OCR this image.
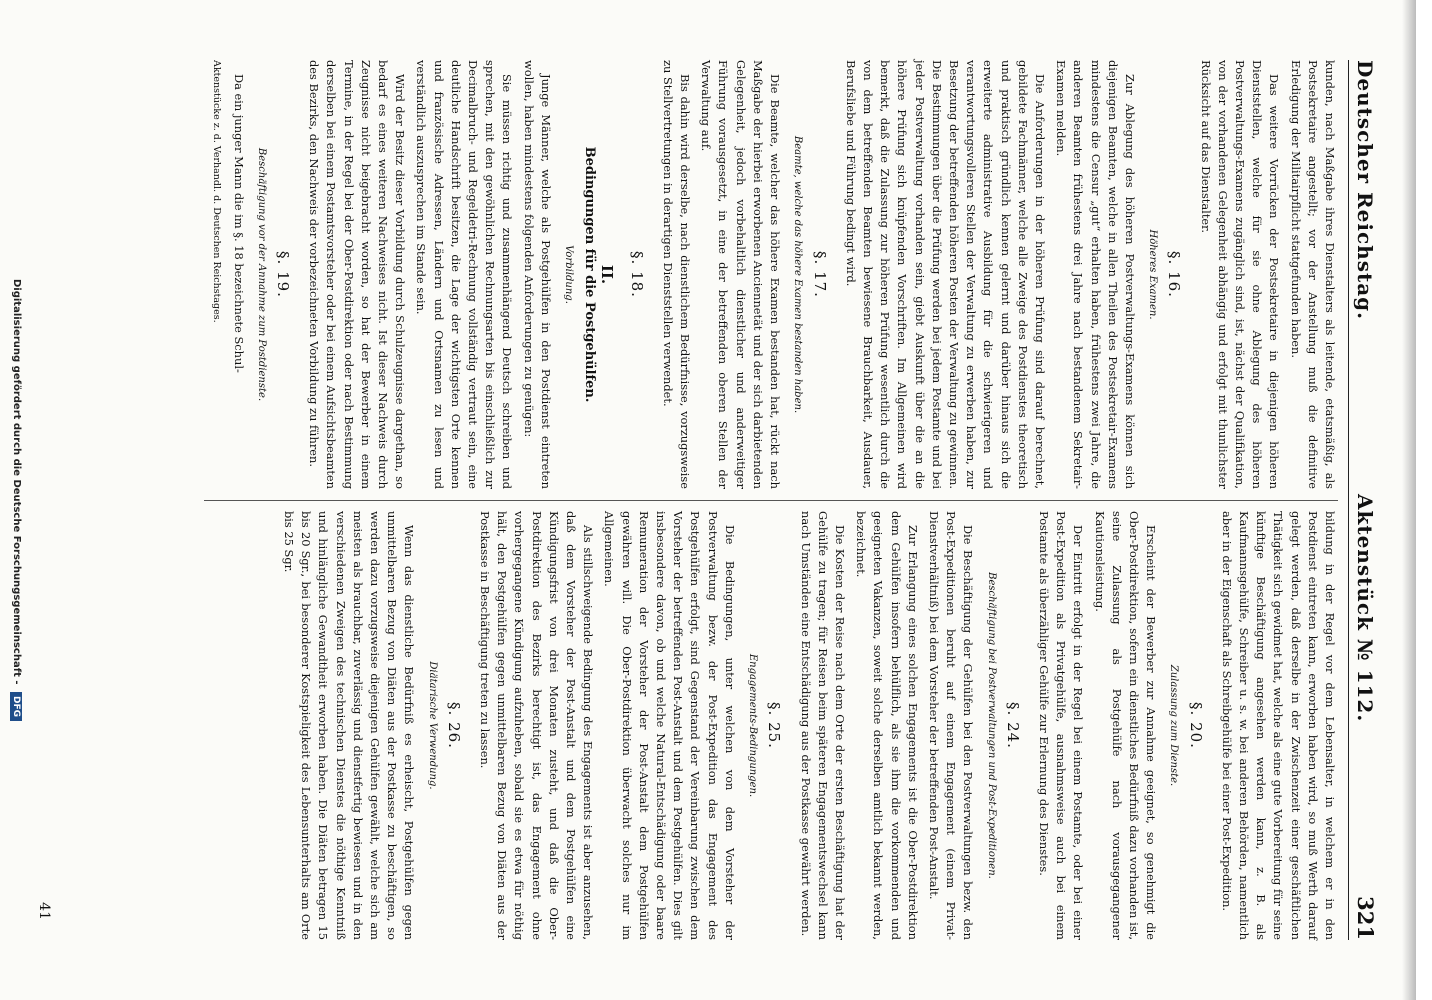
Deutscher Reichstag.
Aktenstück № 112.
321

kunden, nach Maßgabe ihres Dienstalters als leitende, etatsmäßig, als Postsekretaire angestellt; vor der Anstellung muß die definitive Erledigung der Militairpflicht stattgefunden haben.

Das weitere Vorrücken der Postsekretaire in diejenigen höheren Dienststellen, welche für sie ohne Ablegung des höheren Postverwaltungs-Examens zugänglich sind, ist, nächst der Qualifikation, von der vorhandenen Gelegenheit abhängig und erfolgt mit thunlichster Rücksicht auf das Dienstalter.

§. 16.
Höheres Examen.

Zur Ablegung des höheren Postverwaltungs-Examens können sich diejenigen Beamten, welche in allen Theilen des Postsekretair-Examens mindestens die Censur „gut“ erhalten haben, frühestens zwei Jahre, die anderen Beamten frühestens drei Jahre nach bestandenem Sekretair-Examen melden.

Die Anforderungen in der höheren Prüfung sind darauf berechnet, gebildete Fachmänner, welche alle Zweige des Postdienstes theoretisch und praktisch gründlich kennen gelernt und darüber hinaus sich die erweiterte administrative Ausbildung für die schwierigeren und verantwortungsvolleren Stellen der Verwaltung zu erwerben haben, zur Besetzung der betreffenden höheren Posten der Verwaltung zu gewinnen. Die Bestimmungen über die Prüfung werden bei jedem Postamte und bei jeder Postverwaltung vorhanden sein, giebt Auskunft über die an die höhere Prüfung sich knüpfenden Vorschriften. Im Allgemeinen wird bemerkt, daß die Zulassung zur höheren Prüfung wesentlich durch die von dem betreffenden Beamten bewiesene Brauchbarkeit, Ausdauer, Berufsliebe und Führung bedingt wird.

§. 17.
Beamte, welche das höhere Examen bestanden haben.

Die Beamte, welcher das höhere Examen bestanden hat, rückt nach Maßgabe der hierbei erworbenen Anciennetät und der sich darbietenden Gelegenheit, jedoch vorbehaltlich dienstlicher und anderweitiger Führung vorausgesetzt, in eine der betreffenden oberen Stellen der Verwaltung auf.

Bis dahin wird derselbe, nach dienstlichem Bedürfnisse, vorzugsweise zu Stellvertretungen in derartigen Dienststellen verwendet.

§. 18.
II.
Bedingungen für die Postgehülfen.
Vorbildung.

Junge Männer, welche als Postgehülfen in den Postdienst eintreten wollen, haben mindestens folgenden Anforderungen zu genügen:

Sie müssen richtig und zusammenhängend Deutsch schreiben und sprechen, mit den gewöhnlichen Rechnungsarten bis einschließlich zur Decimalbruch- und Regeldetri-Rechnung vollständig vertraut sein, eine deutliche Handschrift besitzen, die Lage der wichtigsten Orte kennen und französische Adressen, Ländern und Ortsnamen zu lesen und verständlich auszusprechen im Stande sein.

Wird der Besitz dieser Vorbildung durch Schulzeugnisse dargethan, so bedarf es eines weiteren Nachweises nicht. Ist dieser Nachweis durch Zeugnisse nicht beigebracht worden, so hat der Bewerber in einem Termine, in der Regel bei der Ober-Postdirektion oder nach Bestimmung derselben bei einem Postamtsvorsteher oder bei einem Aufsichtsbeamten des Bezirks, den Nachweis der vorbezeichneten Vorbildung zu führen.

§. 19.
Beschäftigung vor der Annahme zum Postdienste.

Da ein junger Mann die im §. 18 bezeichnete Schul-

Aktenstücke z. d. Verhandl. d. Deutschen Reichstages.

bildung in der Regel vor dem Lebensalter, in welchem er in den Postdienst eintreten kann, erworben haben wird, so muß Werth darauf gelegt werden, daß derselbe in der Zwischenzeit einer geschäftlichen Thätigkeit sich gewidmet hat, welche als eine gute Vorbereitung für seine künftige Beschäftigung angesehen werden kann, z. B. als Kaufmannsgehülfe, Schreiber u. s. w. bei anderen Behörden, namentlich aber in der Eigenschaft als Schreibgehülfe bei einer Post-Expedition.

§. 20.
Zulassung zum Dienste.

Erscheint der Bewerber zur Annahme geeignet, so genehmigt die Ober-Postdirektion, sofern ein dienstliches Bedürfniß dazu vorhanden ist, seine Zulassung als Postgehülfe nach vorausgegangener Kautionsleistung.

Der Eintritt erfolgt in der Regel bei einem Postamte, oder bei einer Post-Expedition als Privatgehülfe, ausnahmsweise auch bei einem Postamte als überzähliger Gehülfe zur Erlernung des Dienstes.

§. 24.
Beschäftigung bei Postverwaltungen und Post-Expeditionen.

Die Beschäftigung der Gehülfen bei den Postverwaltungen bezw. den Post-Expeditionen beruht auf einem Engagement (einem Privat-Dienstverhältniß) bei dem Vorsteher der betreffenden Post-Anstalt.

Zur Erlangung eines solchen Engagements ist die Ober-Postdirektion dem Gehülfen insofern behülflich, als sie ihm die vorkommenden und geeigneten Vakanzen, soweit solche derselben amtlich bekannt werden, bezeichnet.

Die Kosten der Reise nach dem Orte der ersten Beschäftigung hat der Gehülfe zu tragen; für Reisen beim späteren Engagementswechsel kann nach Umständen eine Entschädigung aus der Postkasse gewährt werden.

§. 25.
Engagements-Bedingungen.

Die Bedingungen, unter welchen von dem Vorsteher der Postverwaltung bezw. der Post-Expedition das Engagement des Postgehülfen erfolgt, sind Gegenstand der Vereinbarung zwischen dem Vorsteher der betreffenden Post-Anstalt und dem Postgehülfen. Dies gilt insbesondere davon, ob und welche Natural-Entschädigung oder baare Remuneration der Vorsteher der Post-Anstalt dem Postgehülfen gewähren will. Die Ober-Postdirektion überwacht solches nur im Allgemeinen.

Als stillschweigende Bedingung des Engagements ist aber anzusehen, daß dem Vorsteher der Post-Anstalt und dem Postgehülfen eine Kündigungsfrist von drei Monaten zusteht, und daß die Ober-Postdirektion des Bezirks berechtigt ist, das Engagement ohne vorhergegangene Kündigung aufzuheben, sobald sie es etwa für nöthig hält, den Postgehülfen gegen unmittelbaren Bezug von Diäten aus der Postkasse in Beschäftigung treten zu lassen.

§. 26.
Diätarische Verwendung.

Wenn das dienstliche Bedürfniß es erheischt, Postgehülfen gegen unmittelbaren Bezug von Diäten aus der Postkasse zu beschäftigen, so werden dazu vorzugsweise diejenigen Gehülfen gewählt, welche sich am meisten als brauchbar, zuverlässig und dienstfertig bewiesen und in den verschiedenen Zweigen des technischen Dienstes die nöthige Kenntniß und hinlängliche Gewandtheit erworben haben. Die Diäten betragen 15 bis 20 Sgr., bei besonderer Kostspieligkeit des Lebensunterhalts am Orte bis 25 Sgr.

41
Digitalisierung gefördert durch die Deutsche Forschungsgemeinschaft - DFG
